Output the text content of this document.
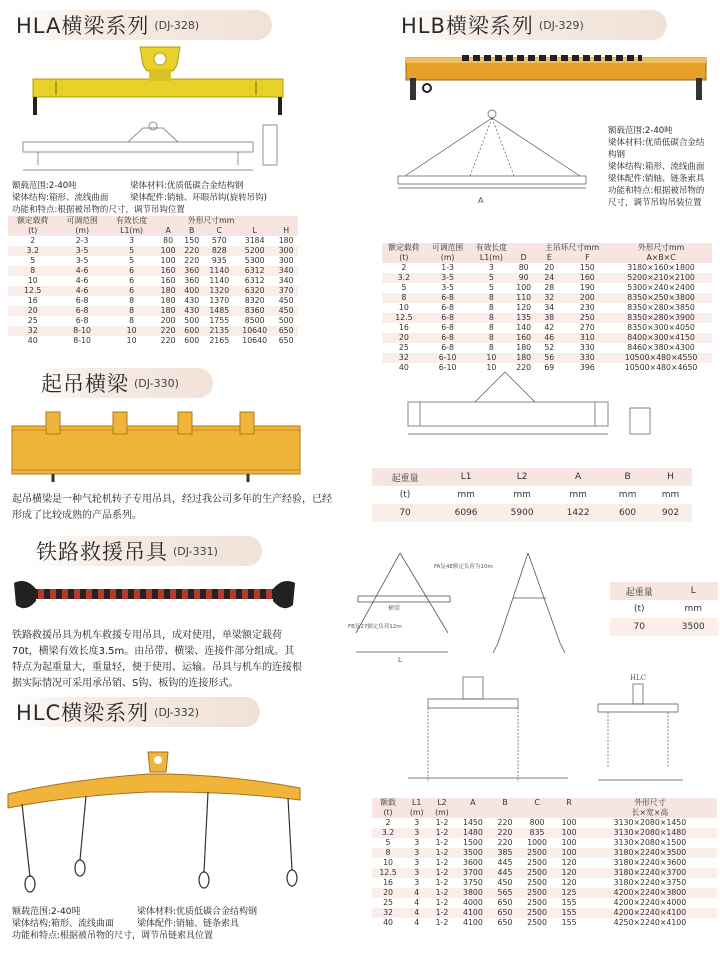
HLA横梁系列 (DJ-328)
额载范围:2-40吨	梁体材料:优质低碳合金结构钢
梁体结构:箱形、流线曲面	梁体配件:销轴、环眼吊钩(旋转吊钩)
功能和特点:根据被吊物的尺寸，调节吊钩位置
额定载荷	可调范围	有效长度		外形尺寸mm			
(t)	(m)	L1(m)	A	B	C	L	H
2	2-3	3	80	150	570	3184	180
3.2	3-5	5	100	220	828	5200	300
5	3-5	5	100	220	935	5300	300
8	4-6	6	160	360	1140	6312	340
10	4-6	6	160	360	1140	6312	340
12.5	4-6	6	180	400	1320	6320	370
16	6-8	8	180	430	1370	8320	450
20	6-8	8	180	430	1485	8360	450
25	6-8	8	200	500	1755	8500	500
32	8-10	10	220	600	2135	10640	650
40	8-10	10	220	600	2165	10640	650
HLB横梁系列 (DJ-329)
A
额载范围:2-40吨
梁体材料:优质低碳合金结
构钢
梁体结构:箱形、流线曲面
梁体配件:销轴、链条索具
功能和特点:根据被吊物的
尺寸，调节吊钩吊装位置
额定载荷	可调范围	有效长度		主吊环尺寸mm		外形尺寸mm
(t)	(m)	L1(m)	D	E	F		A×B×C
2	1-3	3	80	20	150		3180×160×1800
3.2	3-5	5	90	24	160		5200×210×2100
5	3-5	5	100	28	190		5300×240×2400
8	6-8	8	110	32	200		8350×250×3800
10	6-8	8	120	34	230		8350×280×3850
12.5	6-8	8	135	38	250		8350×280×3900
16	6-8	8	140	42	270		8350×300×4050
20	6-8	8	160	46	310		8400×300×4150
25	6-8	8	180	52	330		8460×380×4300
32	6-10	10	180	56	330		10500×480×4550
40	6-10	10	220	69	396		10500×480×4650
起吊横梁 (DJ-330)
起吊横梁是一种气轮机转子专用吊具，经过我公司多年的生产经验，已经形成了比较成熟的产品系列。
起重量	L1	L2	A	B	H
(t)	mm	mm	mm	mm	mm
70	6096	5900	1422	600	902
铁路救援吊具 (DJ-331)
铁路救援吊具为机车救援专用吊具，成对使用，单梁额定载荷70t，横梁有效长度3.5m。由吊带、横梁、连接件部分组成。其特点为起重量大，重量轻，便于使用、运输。吊具与机车的连接根据实际情况可采用承吊销、S钩、板钩的连接形式。
FA复4E额定负荷为10m
FB复27额定负荷12m
横梁
L
起重量	L
(t)	mm
70	3500
HLC横梁系列 (DJ-332)
额载范围:2-40吨	梁体材料:优质低碳合金结构钢
梁体结构:箱形、流线曲面	梁体配件:销轴、链条索具
功能和特点:根据被吊物的尺寸，调节吊链索具位置
HLC
额载	L1	L2	A	B	C	R	外形尺寸
(t)	(m)	(m)					长×宽×高
2	3	1-2	1450	220	800	100	3130×2080×1450
3.2	3	1-2	1480	220	835	100	3130×2080×1480
5	3	1-2	1500	220	1000	100	3130×2080×1500
8	3	1-2	3500	385	2500	100	3180×2240×3500
10	3	1-2	3600	445	2500	120	3180×2240×3600
12.5	3	1-2	3700	445	2500	120	3180×2240×3700
16	3	1-2	3750	450	2500	120	3180×2240×3750
20	4	1-2	3800	565	2500	125	4200×2240×3800
25	4	1-2	4000	650	2500	155	4200×2240×4000
32	4	1-2	4100	650	2500	155	4200×2240×4100
40	4	1-2	4100	650	2500	155	4250×2240×4100
